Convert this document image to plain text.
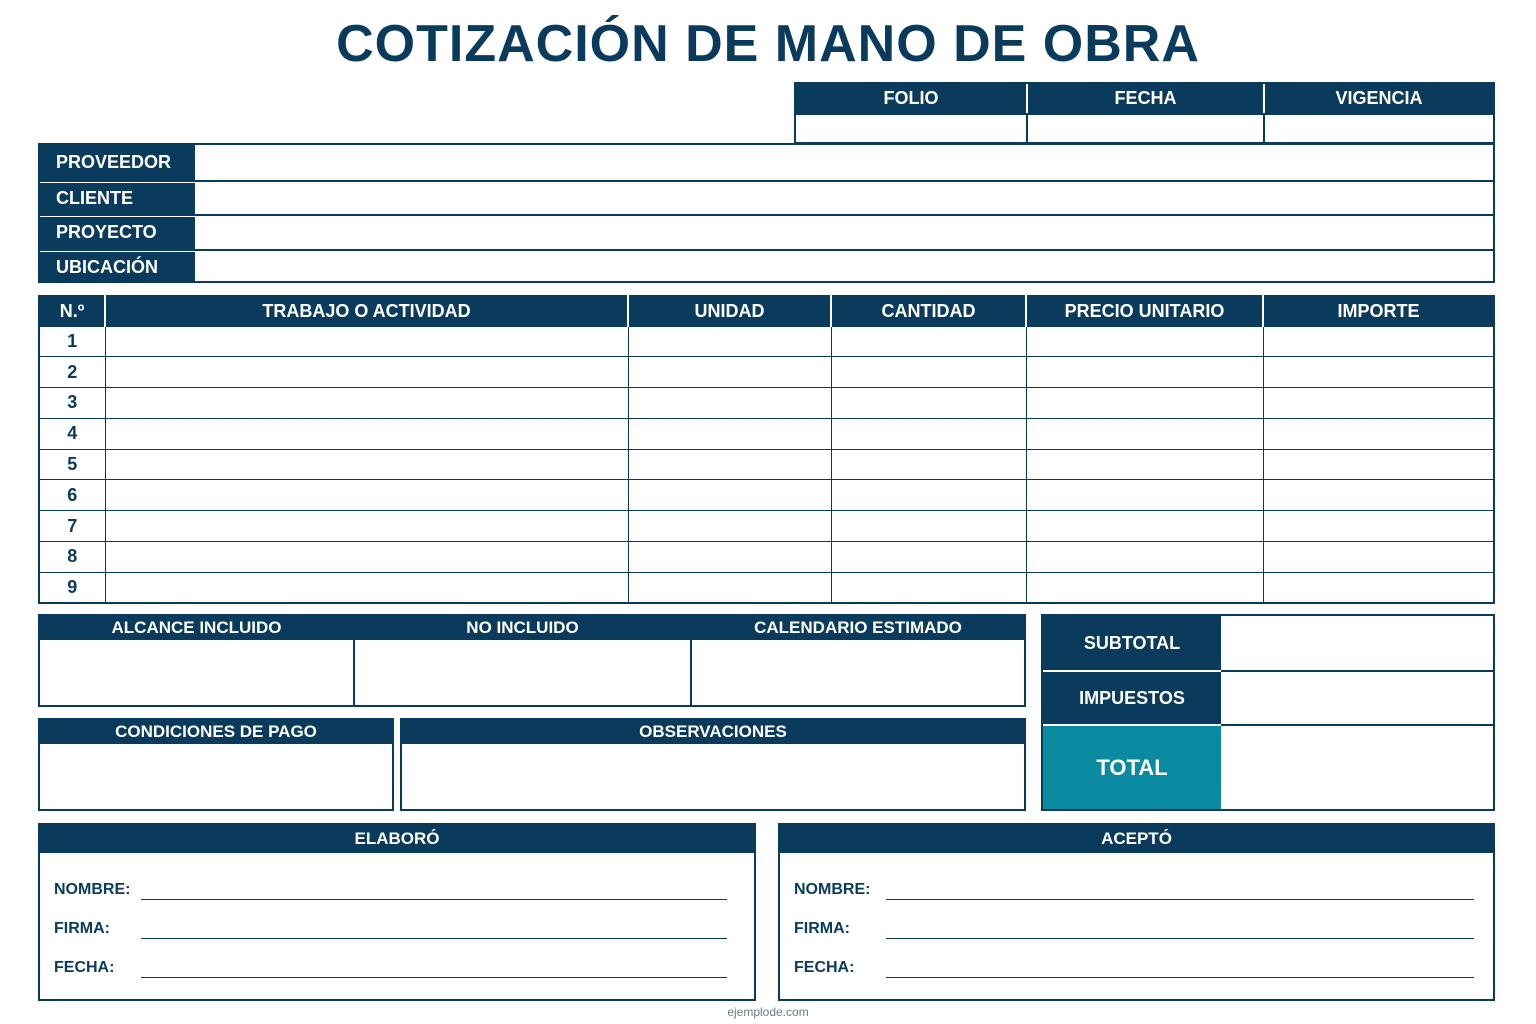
COTIZACIÓN DE MANO DE OBRA
FOLIO	FECHA	VIGENCIA
PROVEEDOR
CLIENTE
PROYECTO
UBICACIÓN
N.º	TRABAJO O ACTIVIDAD	UNIDAD	CANTIDAD	PRECIO UNITARIO	IMPORTE
1					
2					
3					
4					
5					
6					
7					
8					
9					
ALCANCE INCLUIDO	NO INCLUIDO	CALENDARIO ESTIMADO
CONDICIONES DE PAGO	OBSERVACIONES
SUBTOTAL
IMPUESTOS
TOTAL
ELABORÓ
NOMBRE:
FIRMA:
FECHA:
ACEPTÓ
NOMBRE:
FIRMA:
FECHA:
ejemplode.com
